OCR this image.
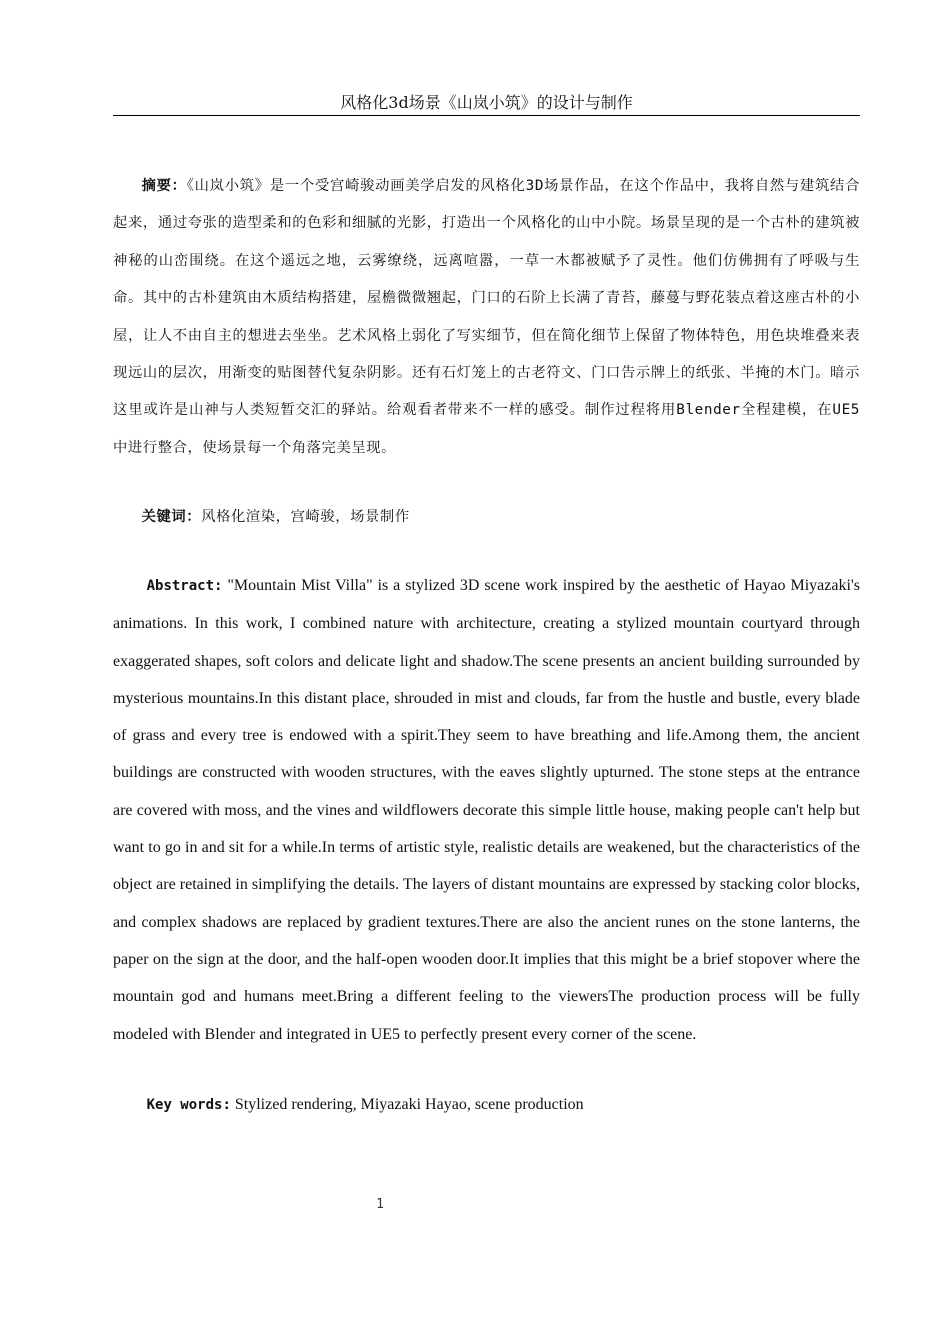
风格化3d场景《山岚小筑》的设计与制作

摘要：《山岚小筑》是一个受宫崎骏动画美学启发的风格化3D场景作品，在这个作品中，我将自然与建筑结合起来，通过夸张的造型柔和的色彩和细腻的光影，打造出一个风格化的山中小院。场景呈现的是一个古朴的建筑被神秘的山峦围绕。在这个遥远之地，云雾缭绕，远离喧嚣，一草一木都被赋予了灵性。他们仿佛拥有了呼吸与生命。其中的古朴建筑由木质结构搭建，屋檐微微翘起，门口的石阶上长满了青苔，藤蔓与野花装点着这座古朴的小屋，让人不由自主的想进去坐坐。艺术风格上弱化了写实细节，但在简化细节上保留了物体特色，用色块堆叠来表现远山的层次，用渐变的贴图替代复杂阴影。还有石灯笼上的古老符文、门口告示牌上的纸张、半掩的木门。暗示这里或许是山神与人类短暂交汇的驿站。给观看者带来不一样的感受。制作过程将用Blender全程建模，在UE5中进行整合，使场景每一个角落完美呈现。

关键词：风格化渲染，宫崎骏，场景制作

Abstract: "Mountain Mist Villa" is a stylized 3D scene work inspired by the aesthetic of Hayao Miyazaki's animations. In this work, I combined nature with architecture, creating a stylized mountain courtyard through exaggerated shapes, soft colors and delicate light and shadow.The scene presents an ancient building surrounded by mysterious mountains.In this distant place, shrouded in mist and clouds, far from the hustle and bustle, every blade of grass and every tree is endowed with a spirit.They seem to have breathing and life.Among them, the ancient buildings are constructed with wooden structures, with the eaves slightly upturned. The stone steps at the entrance are covered with moss, and the vines and wildflowers decorate this simple little house, making people can't help but want to go in and sit for a while.In terms of artistic style, realistic details are weakened, but the characteristics of the object are retained in simplifying the details. The layers of distant mountains are expressed by stacking color blocks, and complex shadows are replaced by gradient textures.There are also the ancient runes on the stone lanterns, the paper on the sign at the door, and the half-open wooden door.It implies that this might be a brief stopover where the mountain god and humans meet.Bring a different feeling to the viewersThe production process will be fully modeled with Blender and integrated in UE5 to perfectly present every corner of the scene.

Key words: Stylized rendering, Miyazaki Hayao, scene production

1
